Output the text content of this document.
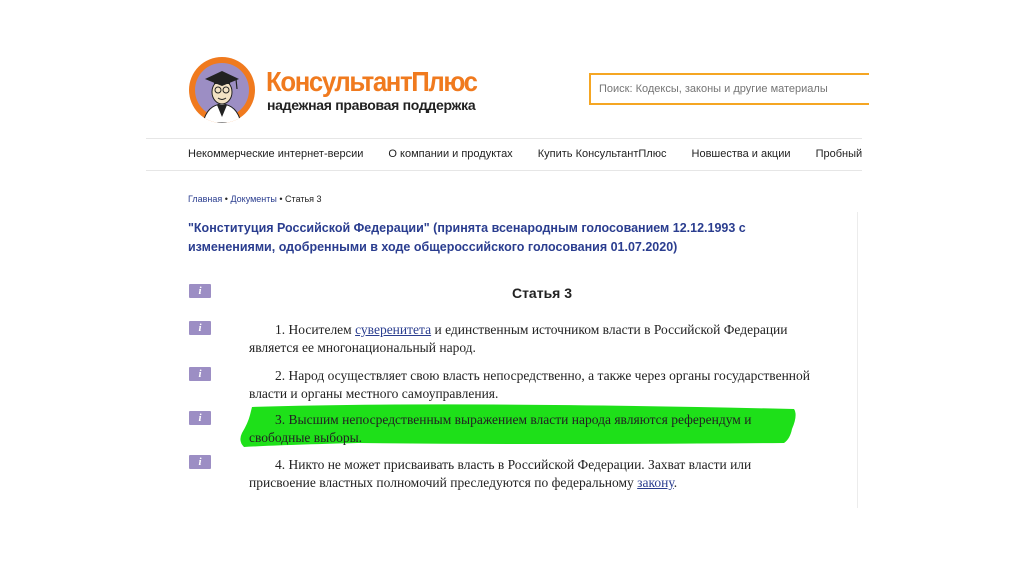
КонсультантПлюс
надежная правовая поддержка
Поиск: Кодексы, законы и другие материалы
Некоммерческие интернет-версии О компании и продуктах Купить КонсультантПлюс Новшества и акции Пробный
Главная • Документы • Статья 3
"Конституция Российской Федерации" (принята всенародным голосованием 12.12.1993 с изменениями, одобренными в ходе общероссийского голосования 01.07.2020)
i
i
i
i
i
Статья 3
1. Носителем суверенитета и единственным источником власти в Российской Федерации является ее многонациональный народ.
2. Народ осуществляет свою власть непосредственно, а также через органы государственной власти и органы местного самоуправления.
3. Высшим непосредственным выражением власти народа являются референдум и свободные выборы.
4. Никто не может присваивать власть в Российской Федерации. Захват власти или присвоение властных полномочий преследуются по федеральному закону.
